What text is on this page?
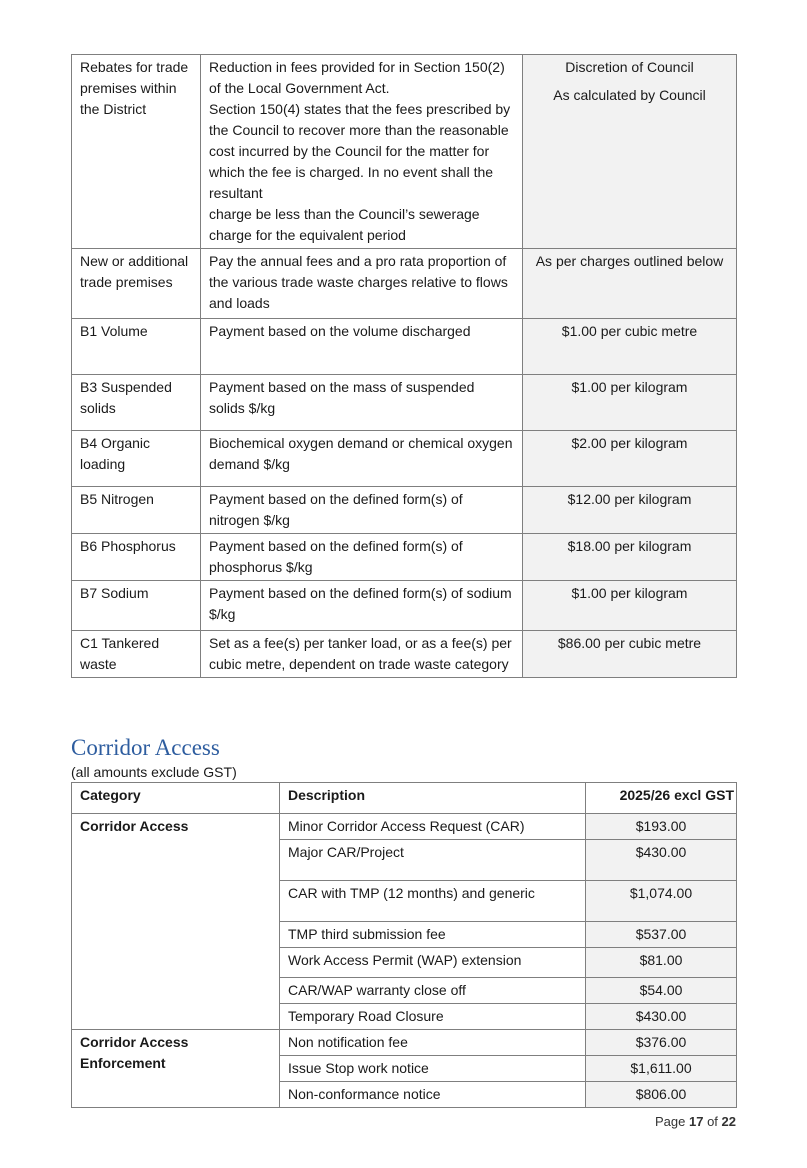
Rebates for trade premises within the District	Reduction in fees provided for in Section 150(2) of the Local Government Act.
Section 150(4) states that the fees prescribed by the Council to recover more than the reasonable cost incurred by the Council for the matter for which the fee is charged. In no event shall the resultant
charge be less than the Council’s sewerage charge for the equivalent period	Discretion of Council
As calculated by Council

New or additional trade premises	Pay the annual fees and a pro rata proportion of the various trade waste charges relative to flows and loads	As per charges outlined below

B1 Volume	Payment based on the volume discharged	$1.00 per cubic metre

B3 Suspended solids	Payment based on the mass of suspended solids $/kg	$1.00 per kilogram

B4 Organic loading	Biochemical oxygen demand or chemical oxygen demand $/kg	$2.00 per kilogram

B5 Nitrogen	Payment based on the defined form(s) of nitrogen $/kg	$12.00 per kilogram

B6 Phosphorus	Payment based on the defined form(s) of phosphorus $/kg	$18.00 per kilogram

B7 Sodium	Payment based on the defined form(s) of sodium $/kg	$1.00 per kilogram

C1 Tankered waste	Set as a fee(s) per tanker load, or as a fee(s) per cubic metre, dependent on trade waste category	$86.00 per cubic metre
Corridor Access

(all amounts exclude GST)

Category	Description	2025/26 excl GST
Corridor Access	Minor Corridor Access Request (CAR)	$193.00
	Major CAR/Project	$430.00
	CAR with TMP (12 months) and generic	$1,074.00
	TMP third submission fee	$537.00
	Work Access Permit (WAP) extension	$81.00
	CAR/WAP warranty close off	$54.00
	Temporary Road Closure	$430.00
Corridor Access Enforcement	Non notification fee	$376.00
	Issue Stop work notice	$1,611.00
	Non-conformance notice	$806.00
Page 17 of 22
